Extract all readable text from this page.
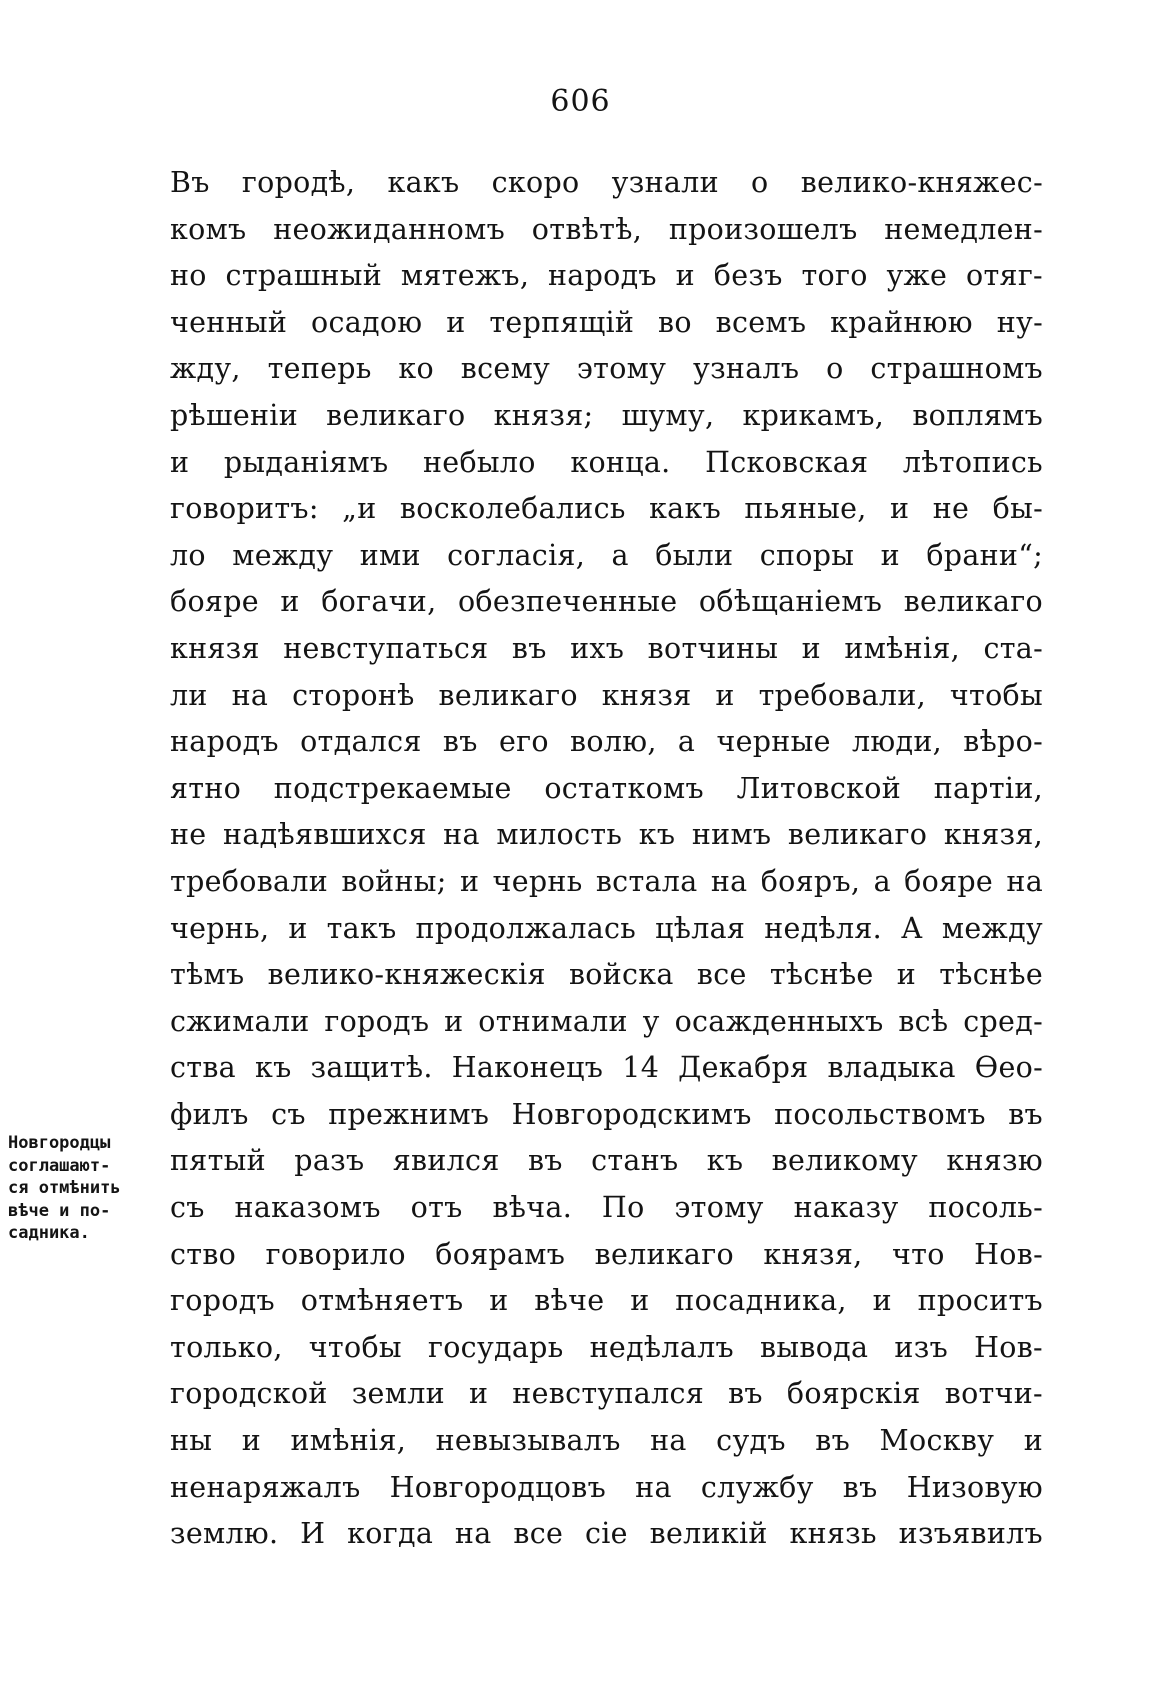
606
Въ городѣ, какъ скоро узнали о велико-княжес-
комъ неожиданномъ отвѣтѣ, произошелъ немедлен-
но страшный мятежъ, народъ и безъ того уже отяг-
ченный осадою и терпящій во всемъ крайнюю ну-
жду, теперь ко всему этому узналъ о страшномъ
рѣшеніи великаго князя; шуму, крикамъ, воплямъ
и рыданіямъ небыло конца. Псковская лѣтопись
говоритъ: „и восколебались какъ пьяные, и не бы-
ло между ими согласія, а были споры и брани“;
бояре и богачи, обезпеченные обѣщаніемъ великаго
князя невступаться въ ихъ вотчины и имѣнія, ста-
ли на сторонѣ великаго князя и требовали, чтобы
народъ отдался въ его волю, а черные люди, вѣро-
ятно подстрекаемые остаткомъ Литовской партіи,
не надѣявшихся на милость къ нимъ великаго князя,
требовали войны; и чернь встала на бояръ, а бояре на
чернь, и такъ продолжалась цѣлая недѣля. А между
тѣмъ велико-княжескія войска все тѣснѣе и тѣснѣе
сжимали городъ и отнимали у осажденныхъ всѣ сред-
ства къ защитѣ. Наконецъ 14 Декабря владыка Ѳео-
филъ съ прежнимъ Новгородскимъ посольствомъ въ
пятый разъ явился въ станъ къ великому князю
съ наказомъ отъ вѣча. По этому наказу посоль-
ство говорило боярамъ великаго князя, что Нов-
городъ отмѣняетъ и вѣче и посадника, и проситъ
только, чтобы государь недѣлалъ вывода изъ Нов-
городской земли и невступался въ боярскія вотчи-
ны и имѣнія, невызывалъ на судъ въ Москву и
ненаряжалъ Новгородцовъ на службу въ Низовую
землю. И когда на все сіе великій князь изъявилъ
Новгородцы
соглашают-
ся отмѣнить
вѣче и по-
садника.
